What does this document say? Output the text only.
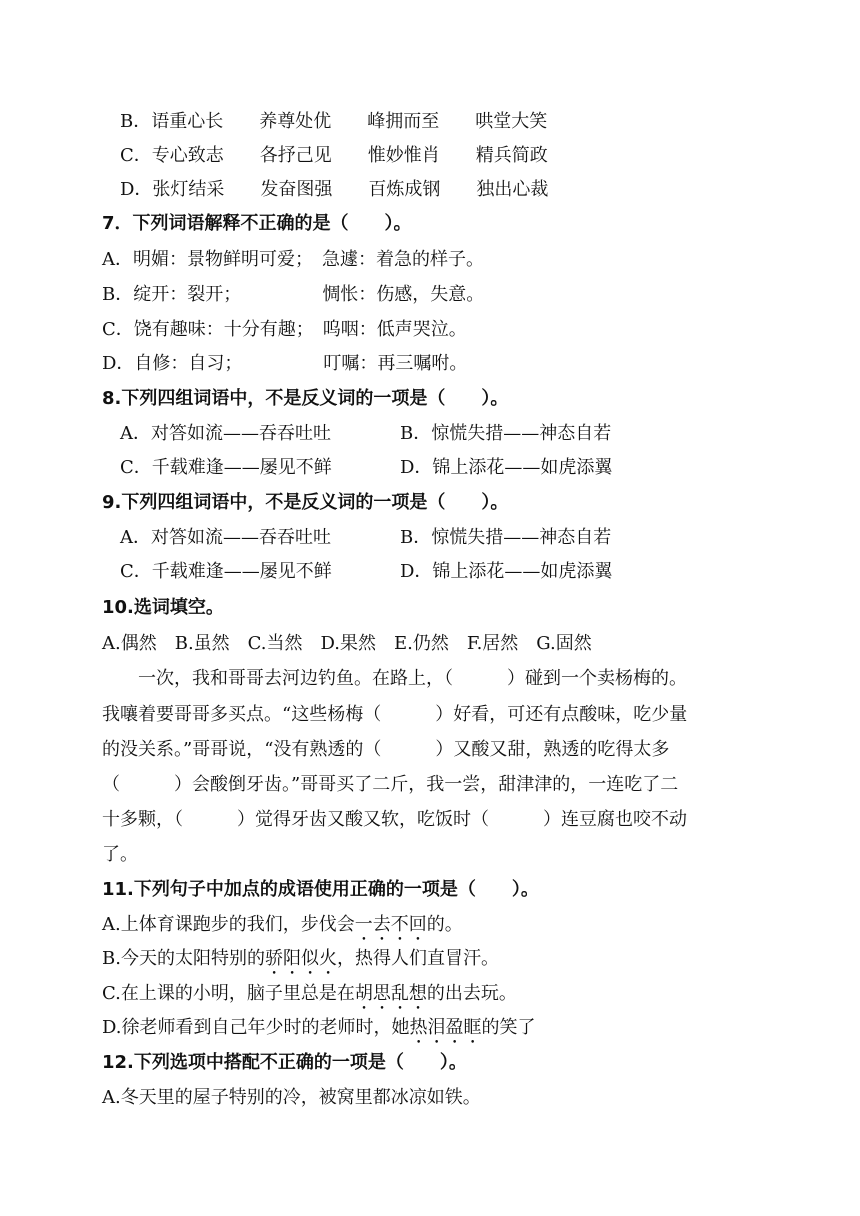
B．语重心长　　养尊处优　　峰拥而至　　哄堂大笑
C．专心致志　　各抒己见　　惟妙惟肖　　精兵简政
D．张灯结采　　发奋图强　　百炼成钢　　独出心裁
7．下列词语解释不正确的是（　　）。
A．明媚：景物鲜明可爱；　急遽：着急的样子。
B．绽开：裂开；　　　　　惆怅：伤感，失意。
C．饶有趣味：十分有趣；　呜咽：低声哭泣。
D．自修：自习；　　　　　叮嘱：再三嘱咐。
8.下列四组词语中，不是反义词的一项是（　　）。
A．对答如流——吞吞吐吐	B．惊慌失措——神态自若
C．千载难逢——屡见不鲜	D．锦上添花——如虎添翼
9.下列四组词语中，不是反义词的一项是（　　）。
A．对答如流——吞吞吐吐	B．惊慌失措——神态自若
C．千载难逢——屡见不鲜	D．锦上添花——如虎添翼
10.选词填空。
A.偶然　B.虽然　C.当然　D.果然　E.仍然　F.居然　G.固然
　　一次，我和哥哥去河边钓鱼。在路上，（　　　）碰到一个卖杨梅的。
我嚷着要哥哥多买点。“这些杨梅（　　　）好看，可还有点酸味，吃少量
的没关系。”哥哥说，“没有熟透的（　　　）又酸又甜，熟透的吃得太多
（　　　）会酸倒牙齿。”哥哥买了二斤，我一尝，甜津津的，一连吃了二
十多颗，（　　　）觉得牙齿又酸又软，吃饭时（　　　）连豆腐也咬不动
了。
11.下列句子中加点的成语使用正确的一项是（　　）。
A.上体育课跑步的我们，步伐会一去不回的。
B.今天的太阳特别的骄阳似火，热得人们直冒汗。
C.在上课的小明，脑子里总是在胡思乱想的出去玩。
D.徐老师看到自己年少时的老师时，她热泪盈眶的笑了
12.下列选项中搭配不正确的一项是（　　）。
A.冬天里的屋子特别的冷，被窝里都冰凉如铁。
